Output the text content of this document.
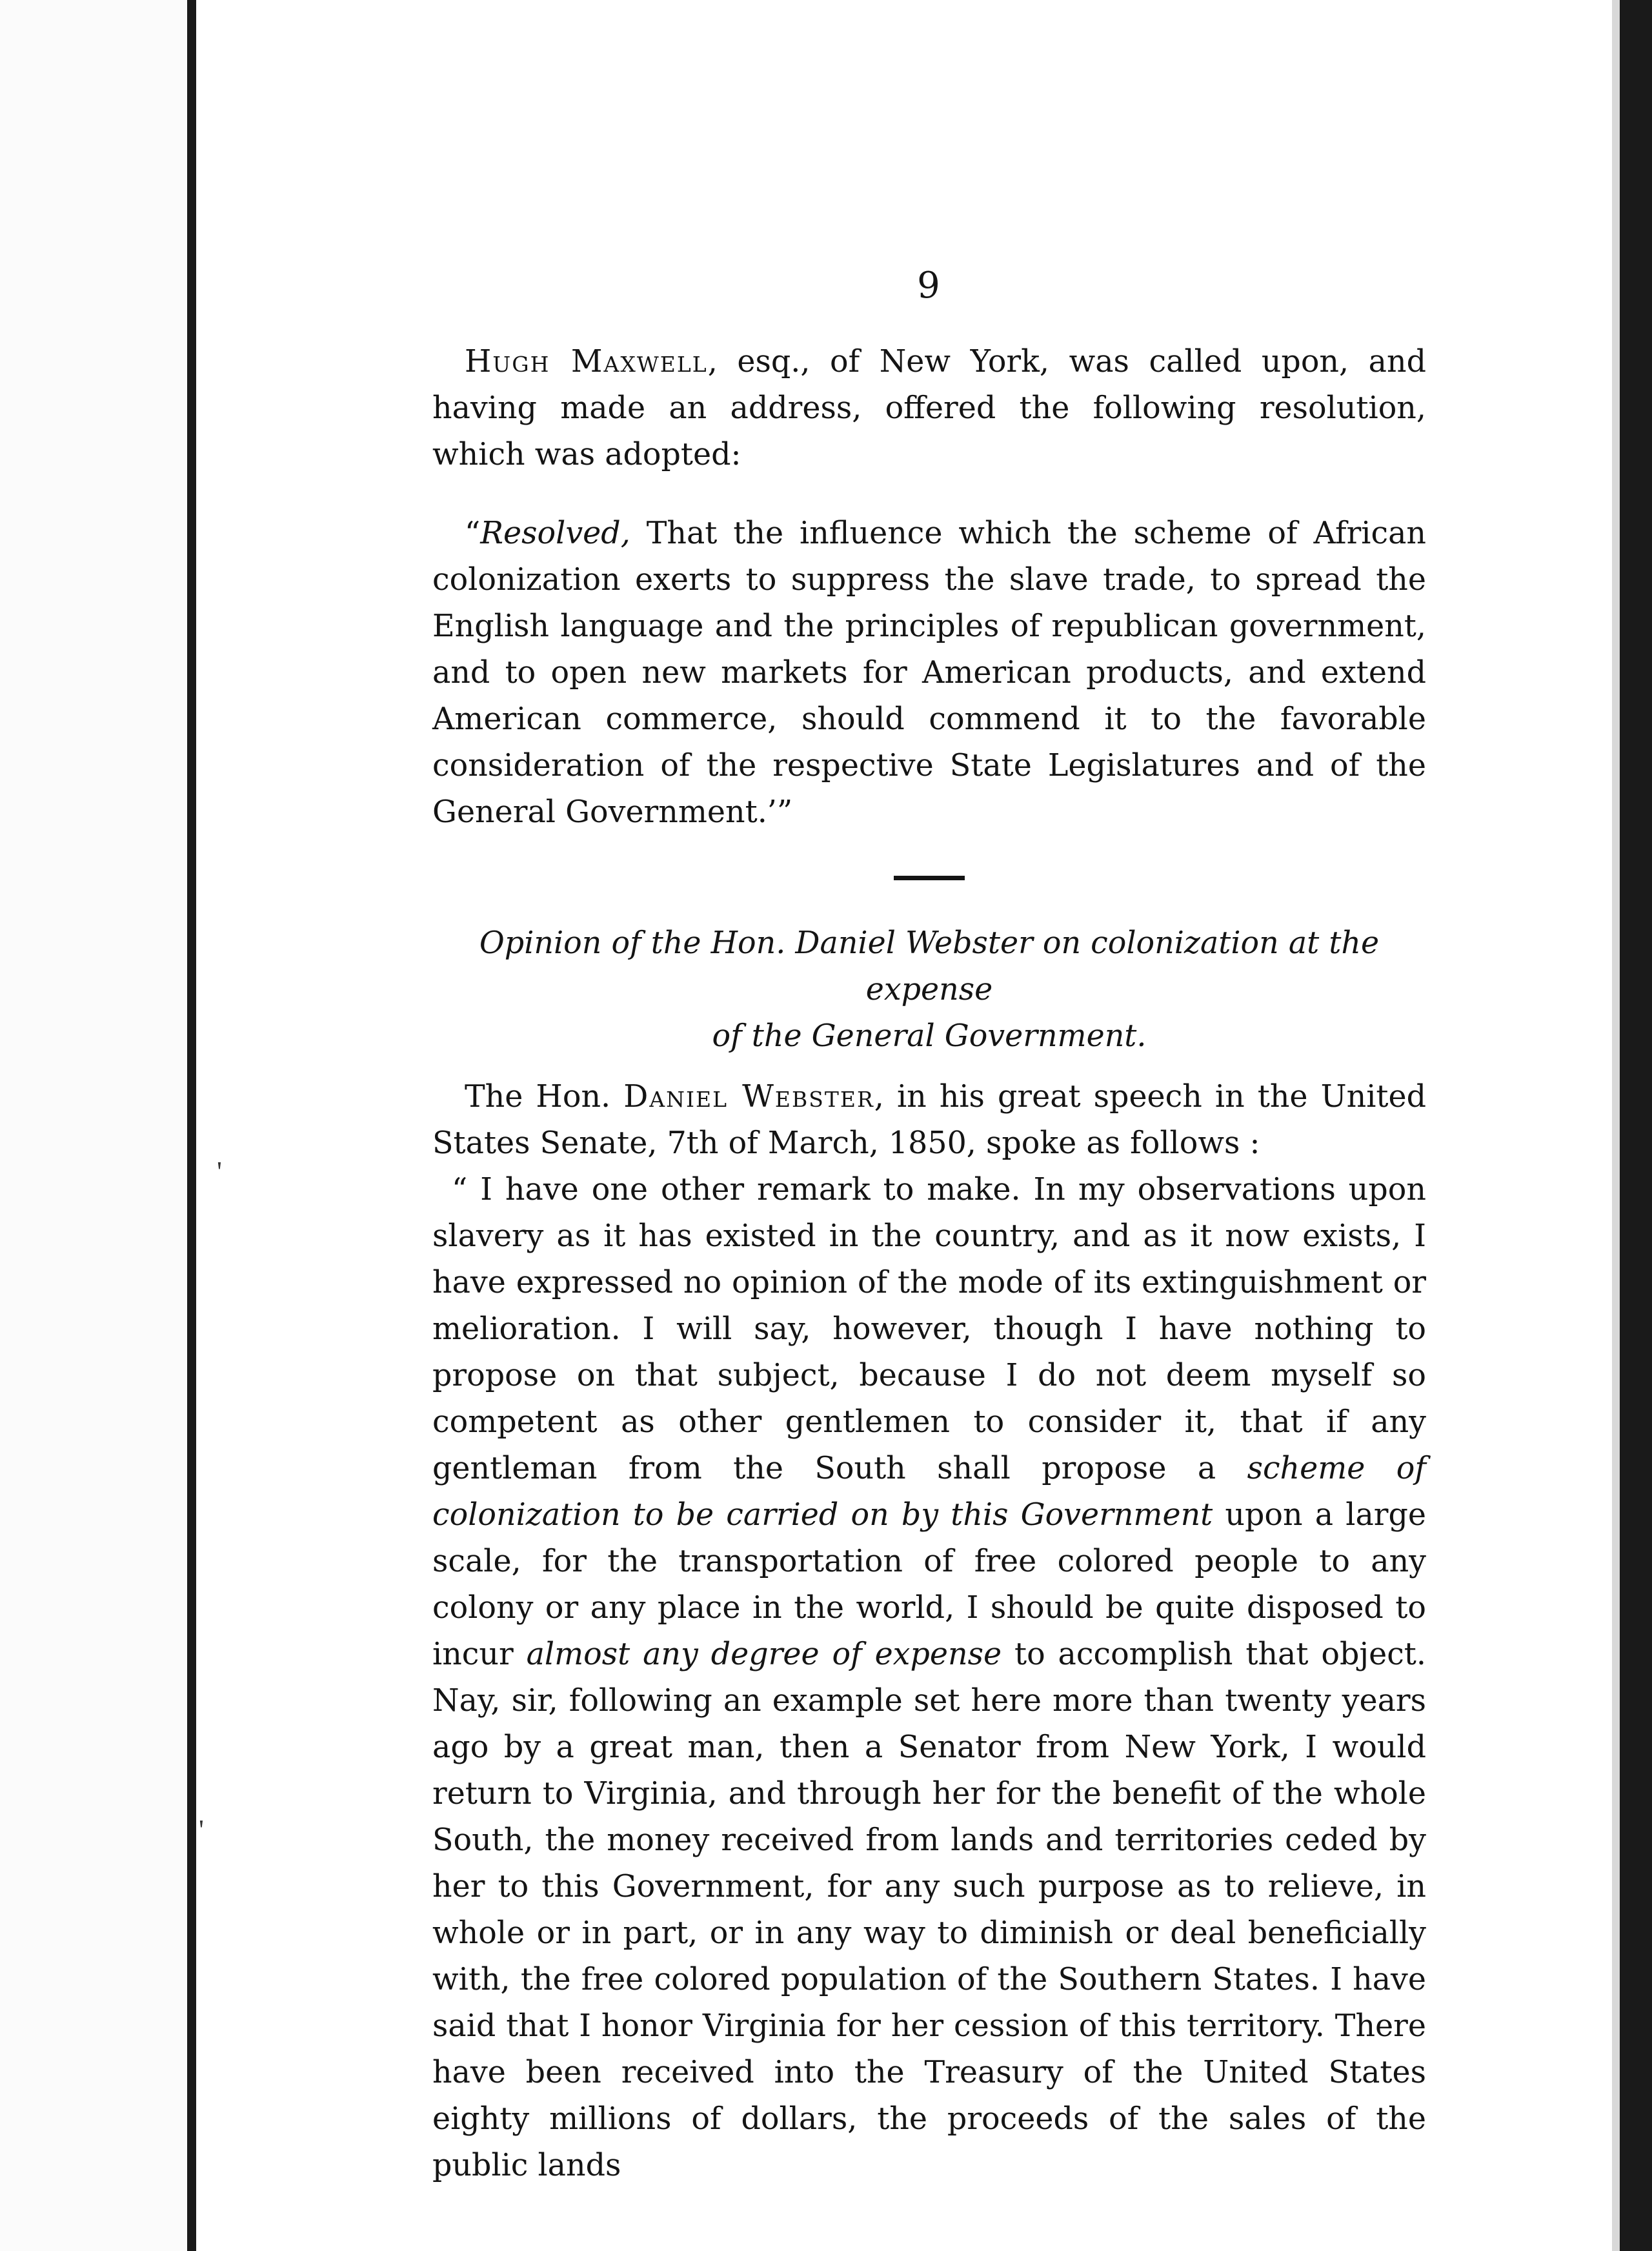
'
'
9

Hugh Maxwell, esq., of New York, was called upon, and having made an address, offered the following resolution, which was adopted:

“Resolved, That the influence which the scheme of African colonization exerts to suppress the slave trade, to spread the English language and the principles of republican government, and to open new markets for American products, and extend American commerce, should commend it to the favorable consideration of the respective State Legislatures and of the General Government.’”

Opinion of the Hon. Daniel Webster on colonization at the expense
of the General Government.

The Hon. Daniel Webster, in his great speech in the United States Senate, 7th of March, 1850, spoke as follows :

“ I have one other remark to make. In my observations upon slavery as it has existed in the country, and as it now exists, I have expressed no opinion of the mode of its extinguishment or melioration. I will say, however, though I have nothing to propose on that subject, because I do not deem myself so competent as other gentlemen to consider it, that if any gentleman from the South shall propose a scheme of colonization to be carried on by this Government upon a large scale, for the transportation of free colored people to any colony or any place in the world, I should be quite disposed to incur almost any degree of expense to accomplish that object. Nay, sir, following an example set here more than twenty years ago by a great man, then a Senator from New York, I would return to Virginia, and through her for the benefit of the whole South, the money received from lands and territories ceded by her to this Government, for any such purpose as to relieve, in whole or in part, or in any way to diminish or deal beneficially with, the free colored population of the Southern States. I have said that I honor Virginia for her cession of this territory. There have been received into the Treasury of the United States eighty millions of dollars, the proceeds of the sales of the public lands
